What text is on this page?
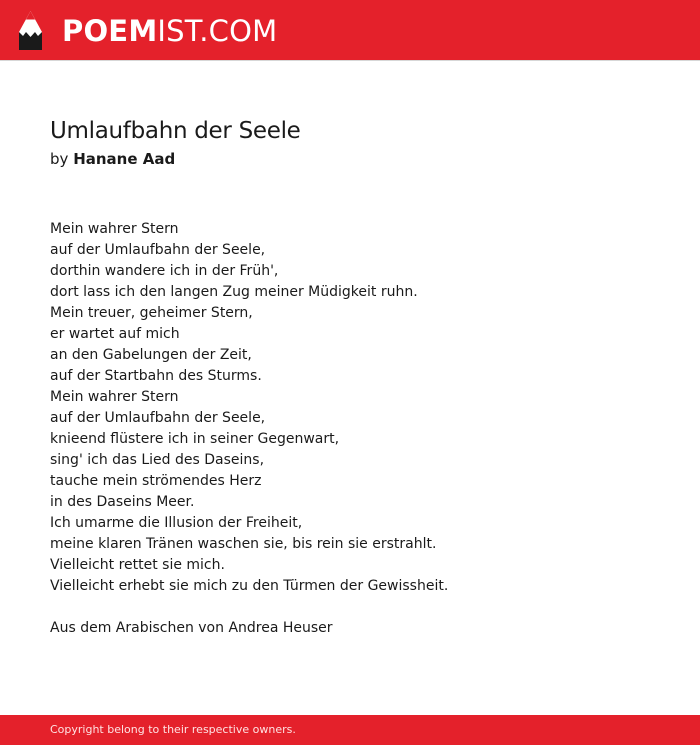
POEMIST.COM
Umlaufbahn der Seele
by Hanane Aad
Mein wahrer Stern
auf der Umlaufbahn der Seele,
dorthin wandere ich in der Früh',
dort lass ich den langen Zug meiner Müdigkeit ruhn.
Mein treuer, geheimer Stern,
er wartet auf mich
an den Gabelungen der Zeit,
auf der Startbahn des Sturms.
Mein wahrer Stern
auf der Umlaufbahn der Seele,
knieend flüstere ich in seiner Gegenwart,
sing' ich das Lied des Daseins,
tauche mein strömendes Herz
in des Daseins Meer.
Ich umarme die Illusion der Freiheit,
meine klaren Tränen waschen sie, bis rein sie erstrahlt.
Vielleicht rettet sie mich.
Vielleicht erhebt sie mich zu den Türmen der Gewissheit.
Aus dem Arabischen von Andrea Heuser
Copyright belong to their respective owners.
